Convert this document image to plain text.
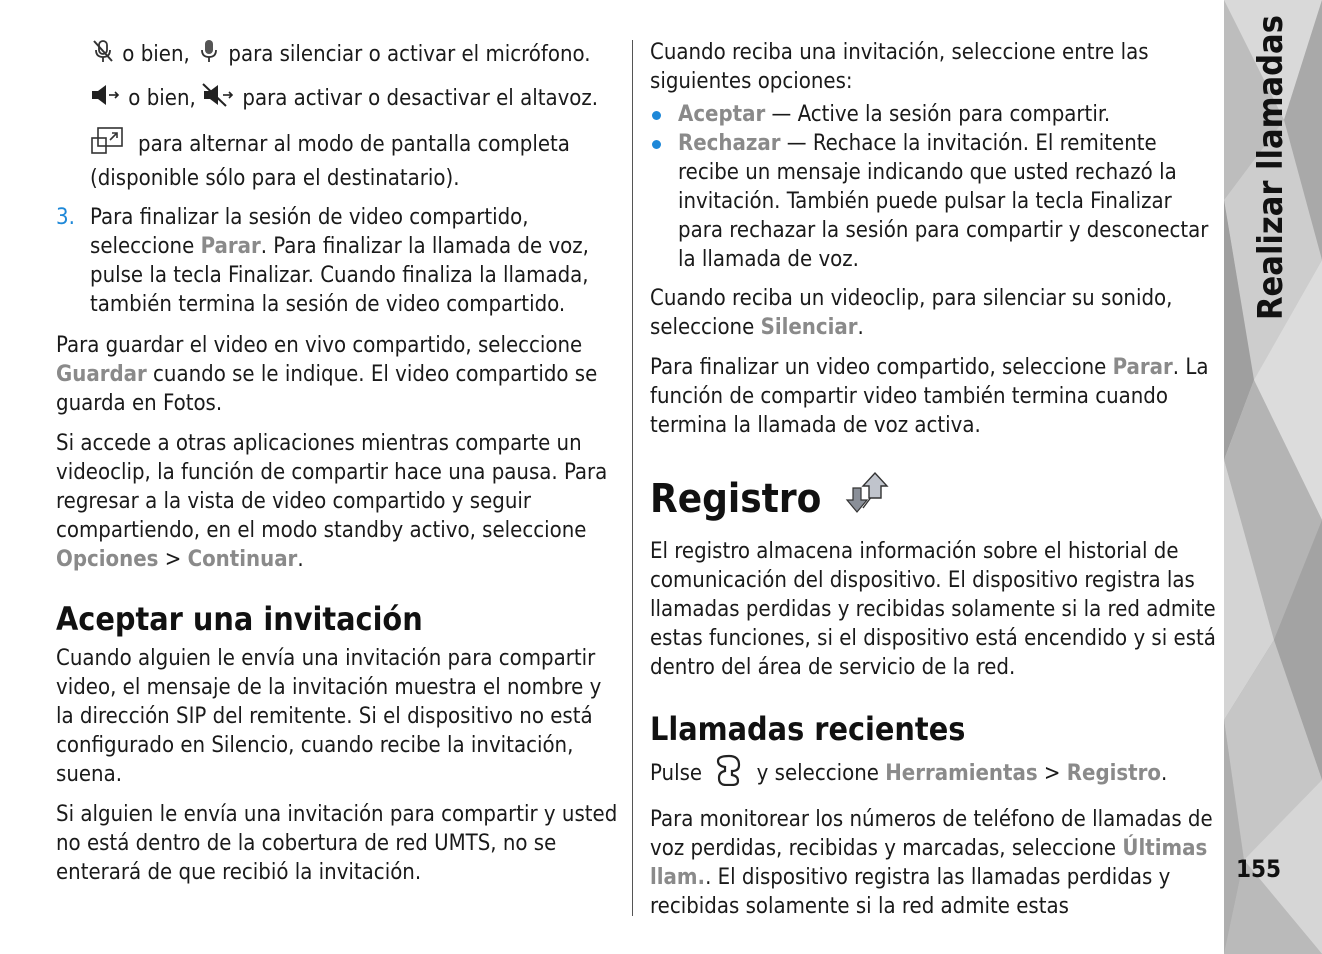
o bien, para silenciar o activar el micrófono.

o bien, para activar o desactivar el altavoz.

para alternar al modo de pantalla completa (disponible sólo para el destinatario).

3. Para finalizar la sesión de video compartido, seleccione Parar. Para finalizar la llamada de voz, pulse la tecla Finalizar. Cuando finaliza la llamada, también termina la sesión de video compartido.

Para guardar el video en vivo compartido, seleccione Guardar cuando se le indique. El video compartido se guarda en Fotos.

Si accede a otras aplicaciones mientras comparte un videoclip, la función de compartir hace una pausa. Para regresar a la vista de video compartido y seguir compartiendo, en el modo standby activo, seleccione Opciones > Continuar.

Aceptar una invitación

Cuando alguien le envía una invitación para compartir video, el mensaje de la invitación muestra el nombre y la dirección SIP del remitente. Si el dispositivo no está configurado en Silencio, cuando recibe la invitación, suena.

Si alguien le envía una invitación para compartir y usted no está dentro de la cobertura de red UMTS, no se enterará de que recibió la invitación.

Cuando reciba una invitación, seleccione entre las siguientes opciones:

Aceptar — Active la sesión para compartir.
Rechazar — Rechace la invitación. El remitente recibe un mensaje indicando que usted rechazó la invitación. También puede pulsar la tecla Finalizar para rechazar la sesión para compartir y desconectar la llamada de voz.

Cuando reciba un videoclip, para silenciar su sonido, seleccione Silenciar.

Para finalizar un video compartido, seleccione Parar. La función de compartir video también termina cuando termina la llamada de voz activa.

Registro

El registro almacena información sobre el historial de comunicación del dispositivo. El dispositivo registra las llamadas perdidas y recibidas solamente si la red admite estas funciones, si el dispositivo está encendido y si está dentro del área de servicio de la red.

Llamadas recientes

Pulse  y seleccione Herramientas > Registro.

Para monitorear los números de teléfono de llamadas de voz perdidas, recibidas y marcadas, seleccione Últimas llam.. El dispositivo registra las llamadas perdidas y recibidas solamente si la red admite estas

Realizar llamadas
155
